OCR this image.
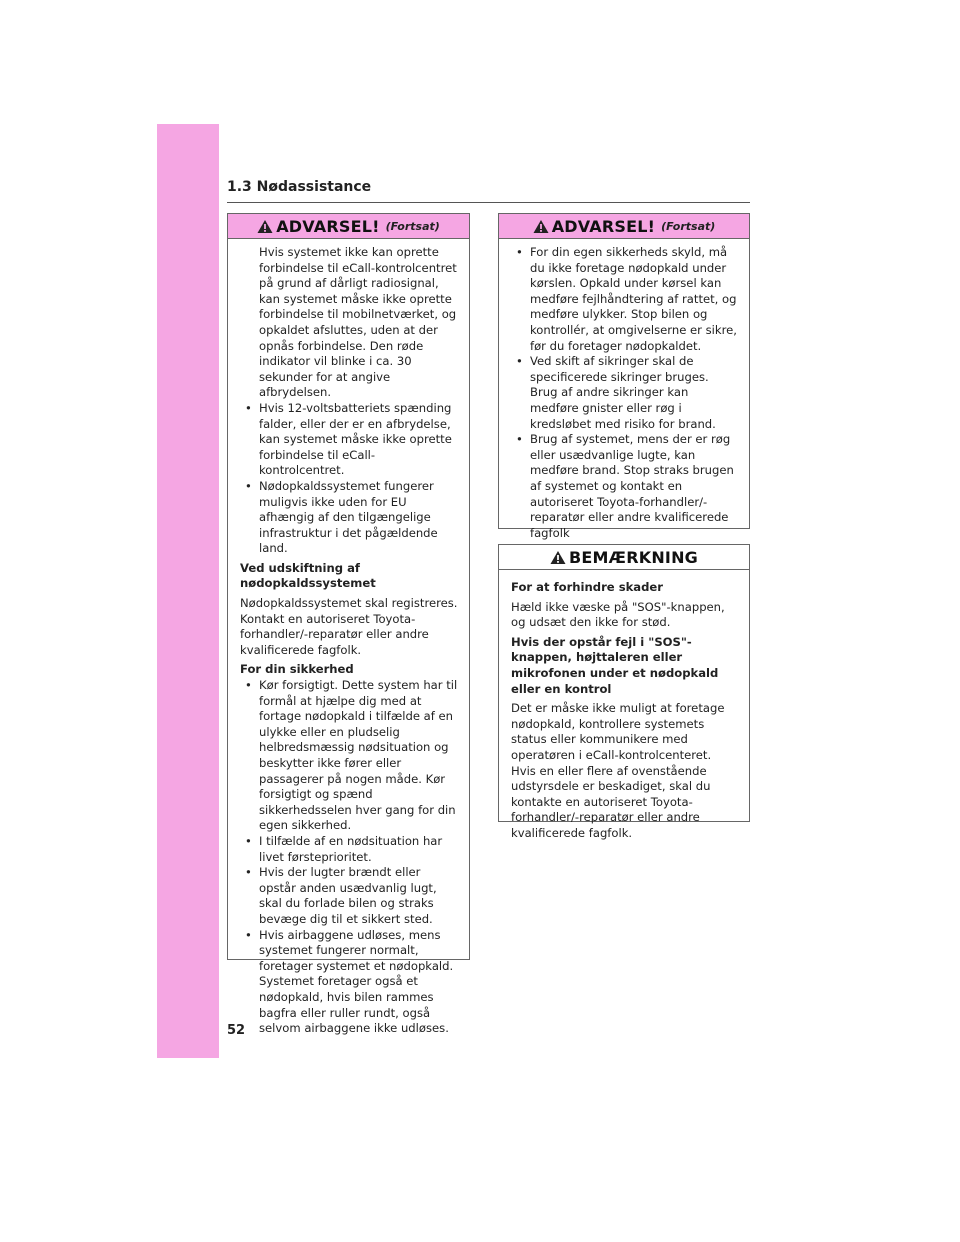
1.3 Nødassistance
ADVARSEL! (Fortsat)
Hvis systemet ikke kan oprette forbindelse til eCall-kontrolcentret på grund af dårligt radiosignal, kan systemet måske ikke oprette forbindelse til mobilnetværket, og opkaldet afsluttes, uden at der opnås forbindelse. Den røde indikator vil blinke i ca. 30 sekunder for at angive afbrydelsen.
• Hvis 12-voltsbatteriets spænding falder, eller der er en afbrydelse, kan systemet måske ikke oprette forbindelse til eCall-kontrolcentret.
• Nødopkaldssystemet fungerer muligvis ikke uden for EU afhængig af den tilgængelige infrastruktur i det pågældende land.
Ved udskiftning af nødopkaldssystemet
Nødopkaldssystemet skal registreres. Kontakt en autoriseret Toyota-forhandler/-reparatør eller andre kvalificerede fagfolk.
For din sikkerhed
• Kør forsigtigt. Dette system har til formål at hjælpe dig med at fortage nødopkald i tilfælde af en ulykke eller en pludselig helbredsmæssig nødsituation og beskytter ikke fører eller passagerer på nogen måde. Kør forsigtigt og spænd sikkerhedsselen hver gang for din egen sikkerhed.
• I tilfælde af en nødsituation har livet førsteprioritet.
• Hvis der lugter brændt eller opstår anden usædvanlig lugt, skal du forlade bilen og straks bevæge dig til et sikkert sted.
• Hvis airbaggene udløses, mens systemet fungerer normalt, foretager systemet et nødopkald. Systemet foretager også et nødopkald, hvis bilen rammes bagfra eller ruller rundt, også selvom airbaggene ikke udløses.
ADVARSEL! (Fortsat)
• For din egen sikkerheds skyld, må du ikke foretage nødopkald under kørslen. Opkald under kørsel kan medføre fejlhåndtering af rattet, og medføre ulykker. Stop bilen og kontrollér, at omgivelserne er sikre, før du foretager nødopkaldet.
• Ved skift af sikringer skal de specificerede sikringer bruges. Brug af andre sikringer kan medføre gnister eller røg i kredsløbet med risiko for brand.
• Brug af systemet, mens der er røg eller usædvanlige lugte, kan medføre brand. Stop straks brugen af systemet og kontakt en autoriseret Toyota-forhandler/-reparatør eller andre kvalificerede fagfolk
BEMÆRKNING
For at forhindre skader
Hæld ikke væske på "SOS"-knappen, og udsæt den ikke for stød.
Hvis der opstår fejl i "SOS"-knappen, højttaleren eller mikrofonen under et nødopkald eller en kontrol
Det er måske ikke muligt at foretage nødopkald, kontrollere systemets status eller kommunikere med operatøren i eCall-kontrolcenteret. Hvis en eller flere af ovenstående udstyrsdele er beskadiget, skal du kontakte en autoriseret Toyota-forhandler/-reparatør eller andre kvalificerede fagfolk.
52
